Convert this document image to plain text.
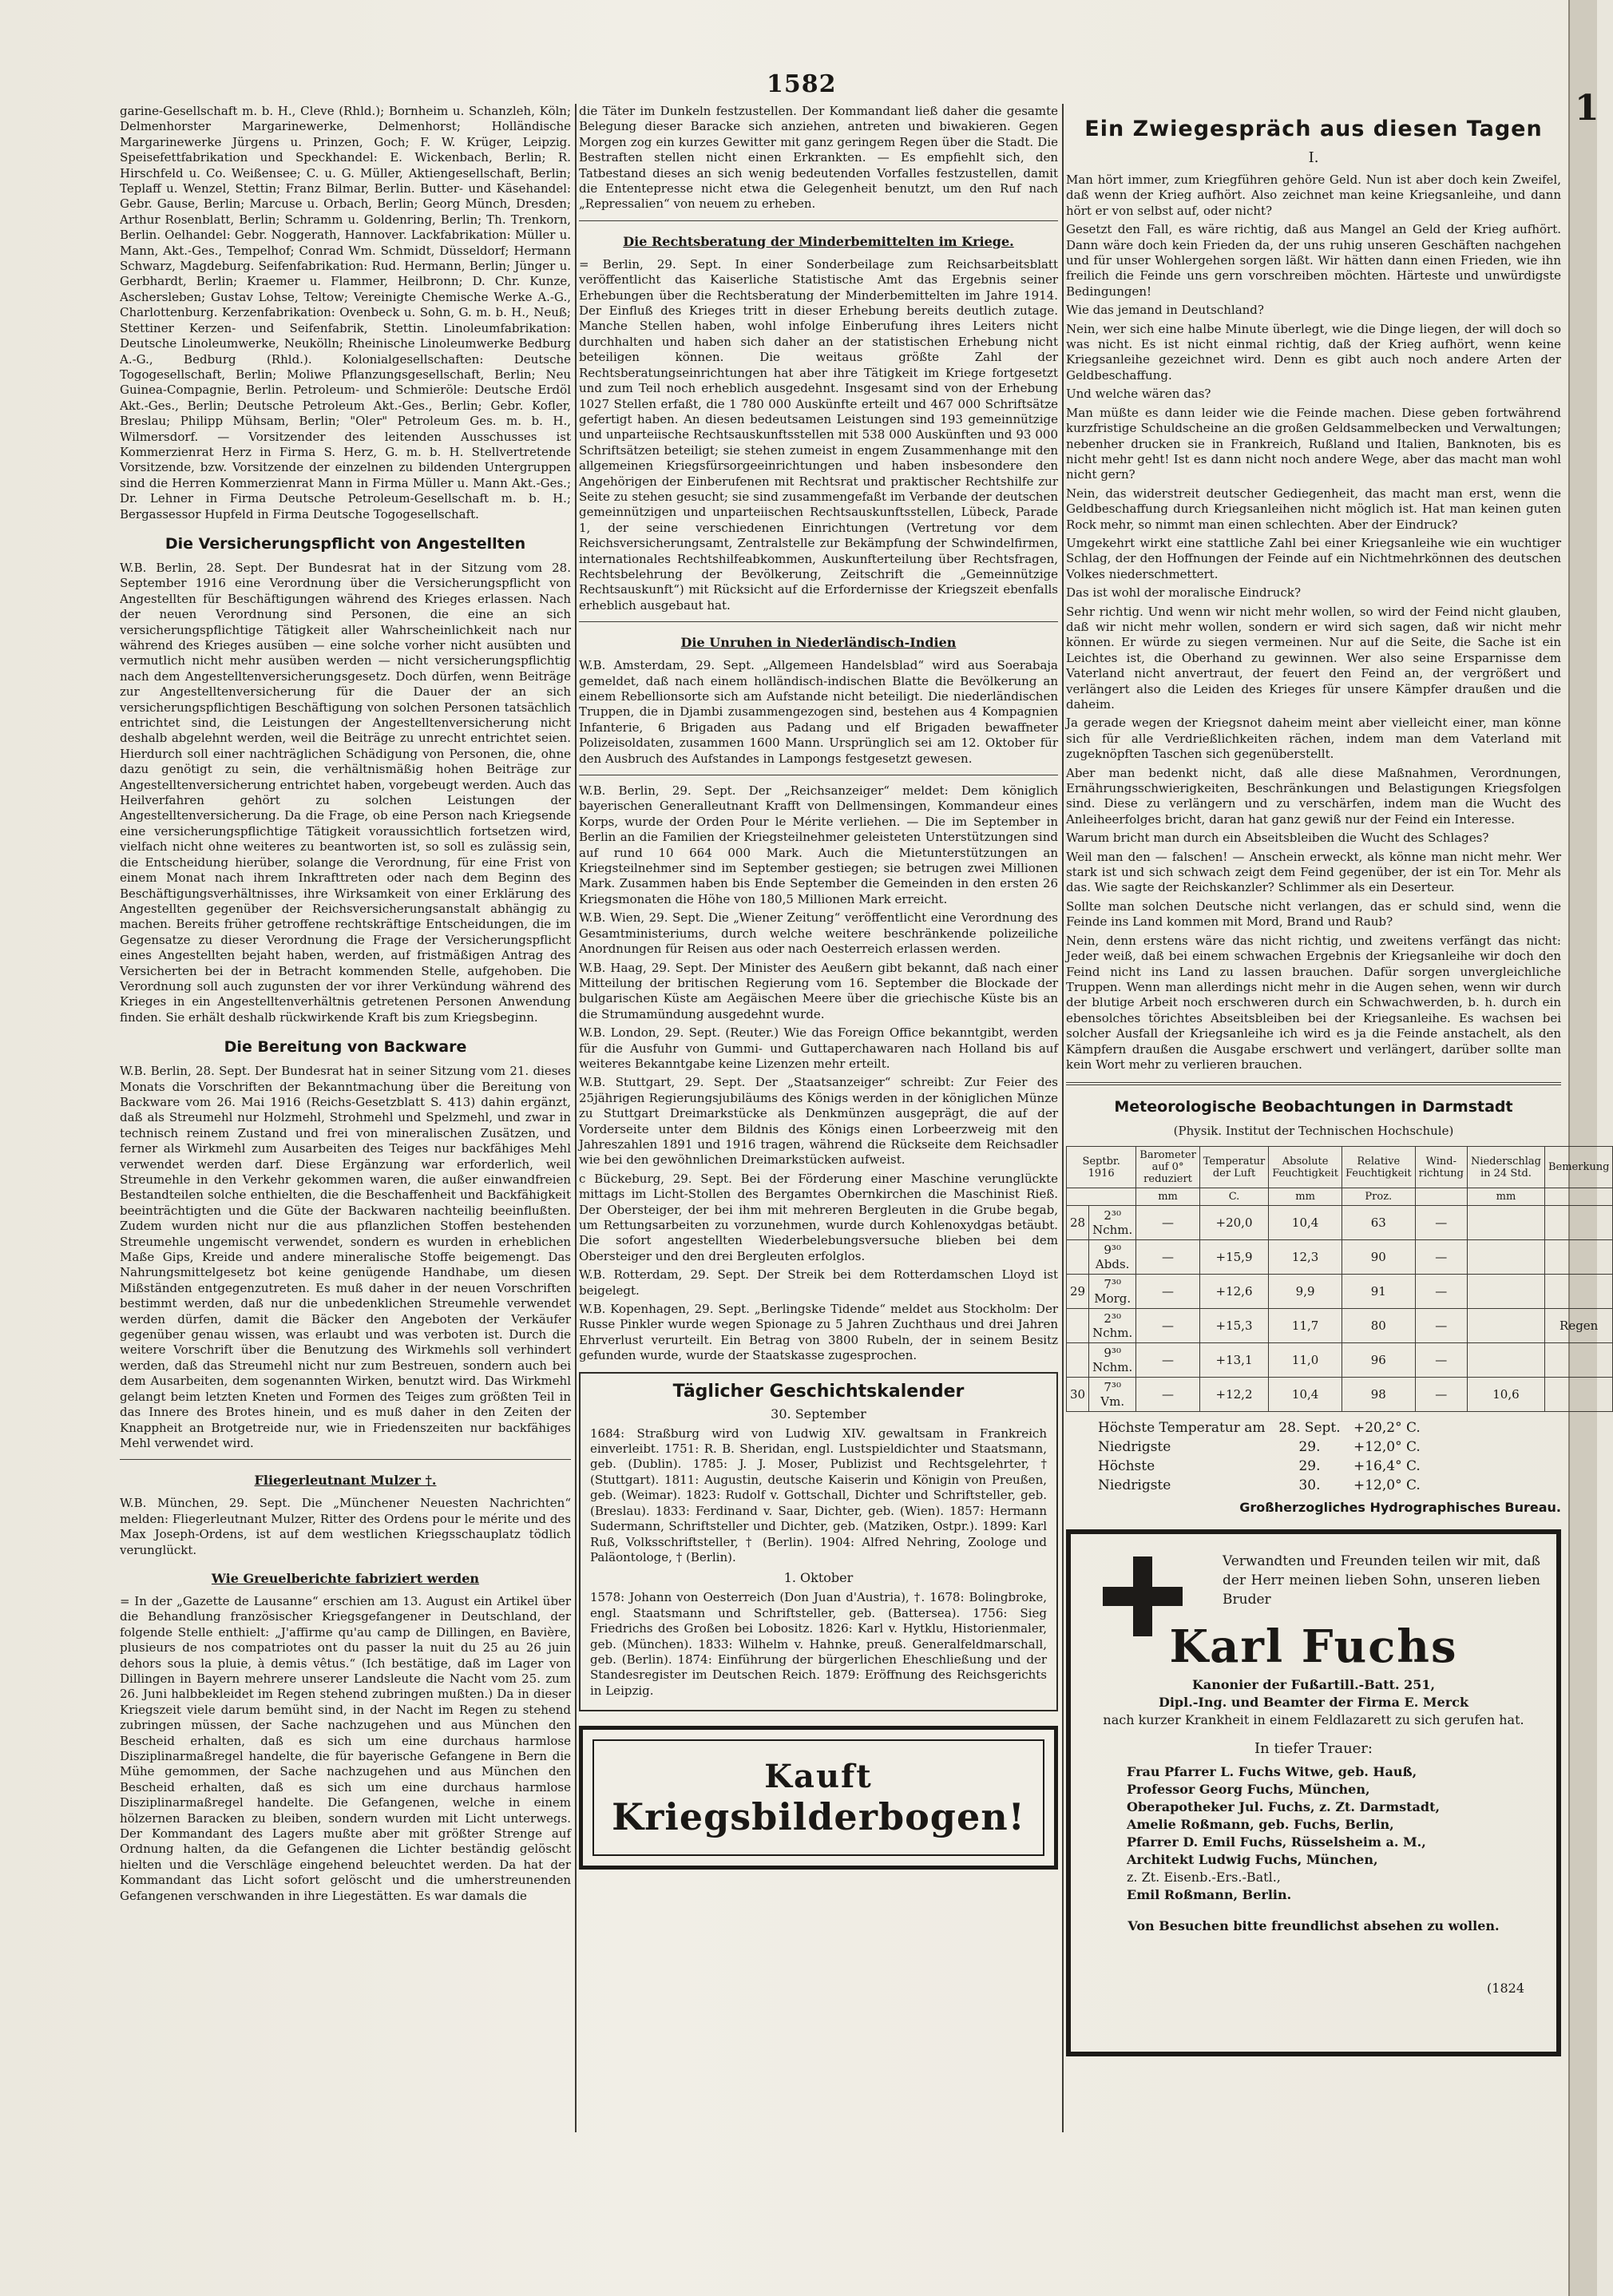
1582
1

garine-Gesellschaft m. b. H., Cleve (Rhld.); Bornheim u. Schanzleh, Köln; Delmenhorster Margarinewerke, Delmenhorst; Holländische Margarinewerke Jürgens u. Prinzen, Goch; F. W. Krüger, Leipzig. Speisefettfabrikation und Speckhandel: E. Wickenbach, Berlin; R. Hirschfeld u. Co. Weißensee; C. u. G. Müller, Aktiengesellschaft, Berlin; Teplaff u. Wenzel, Stettin; Franz Bilmar, Berlin. Butter- und Käsehandel: Gebr. Gause, Berlin; Marcuse u. Orbach, Berlin; Georg Münch, Dresden; Arthur Rosenblatt, Berlin; Schramm u. Goldenring, Berlin; Th. Trenkorn, Berlin. Oelhandel: Gebr. Noggerath, Hannover. Lackfabrikation: Müller u. Mann, Akt.-Ges., Tempelhof; Conrad Wm. Schmidt, Düsseldorf; Hermann Schwarz, Magdeburg. Seifenfabrikation: Rud. Hermann, Berlin; Jünger u. Gerbhardt, Berlin; Kraemer u. Flammer, Heilbronn; D. Chr. Kunze, Aschersleben; Gustav Lohse, Teltow; Vereinigte Chemische Werke A.-G., Charlottenburg. Kerzenfabrikation: Ovenbeck u. Sohn, G. m. b. H., Neuß; Stettiner Kerzen- und Seifenfabrik, Stettin. Linoleumfabrikation: Deutsche Linoleumwerke, Neukölln; Rheinische Linoleumwerke Bedburg A.-G., Bedburg (Rhld.). Kolonialgesellschaften: Deutsche Togogesellschaft, Berlin; Moliwe Pflanzungsgesellschaft, Berlin; Neu Guinea-Compagnie, Berlin. Petroleum- und Schmieröle: Deutsche Erdöl Akt.-Ges., Berlin; Deutsche Petroleum Akt.-Ges., Berlin; Gebr. Kofler, Breslau; Philipp Mühsam, Berlin; "Oler" Petroleum Ges. m. b. H., Wilmersdorf. — Vorsitzender des leitenden Ausschusses ist Kommerzienrat Herz in Firma S. Herz, G. m. b. H. Stellvertretende Vorsitzende, bzw. Vorsitzende der einzelnen zu bildenden Untergruppen sind die Herren Kommerzienrat Mann in Firma Müller u. Mann Akt.-Ges.; Dr. Lehner in Firma Deutsche Petroleum-Gesellschaft m. b. H.; Bergassessor Hupfeld in Firma Deutsche Togogesellschaft.

Die Versicherungspflicht von Angestellten

W.B. Berlin, 28. Sept. Der Bundesrat hat in der Sitzung vom 28. September 1916 eine Verordnung über die Versicherungspflicht von Angestellten für Beschäftigungen während des Krieges erlassen. Nach der neuen Verordnung sind Personen, die eine an sich versicherungspflichtige Tätigkeit aller Wahrscheinlichkeit nach nur während des Krieges ausüben — eine solche vorher nicht ausübten und vermutlich nicht mehr ausüben werden — nicht versicherungspflichtig nach dem Angestelltenversicherungsgesetz. Doch dürfen, wenn Beiträge zur Angestelltenversicherung für die Dauer der an sich versicherungspflichtigen Beschäftigung von solchen Personen tatsächlich entrichtet sind, die Leistungen der Angestelltenversicherung nicht deshalb abgelehnt werden, weil die Beiträge zu unrecht entrichtet seien. Hierdurch soll einer nachträglichen Schädigung von Personen, die, ohne dazu genötigt zu sein, die verhältnismäßig hohen Beiträge zur Angestelltenversicherung entrichtet haben, vorgebeugt werden. Auch das Heilverfahren gehört zu solchen Leistungen der Angestelltenversicherung. Da die Frage, ob eine Person nach Kriegsende eine versicherungspflichtige Tätigkeit voraussichtlich fortsetzen wird, vielfach nicht ohne weiteres zu beantworten ist, so soll es zulässig sein, die Entscheidung hierüber, solange die Verordnung, für eine Frist von einem Monat nach ihrem Inkrafttreten oder nach dem Beginn des Beschäftigungsverhältnisses, ihre Wirksamkeit von einer Erklärung des Angestellten gegenüber der Reichsversicherungsanstalt abhängig zu machen. Bereits früher getroffene rechtskräftige Entscheidungen, die im Gegensatze zu dieser Verordnung die Frage der Versicherungspflicht eines Angestellten bejaht haben, werden, auf fristmäßigen Antrag des Versicherten bei der in Betracht kommenden Stelle, aufgehoben. Die Verordnung soll auch zugunsten der vor ihrer Verkündung während des Krieges in ein Angestelltenverhältnis getretenen Personen Anwendung finden. Sie erhält deshalb rückwirkende Kraft bis zum Kriegsbeginn.

Die Bereitung von Backware

W.B. Berlin, 28. Sept. Der Bundesrat hat in seiner Sitzung vom 21. dieses Monats die Vorschriften der Bekanntmachung über die Bereitung von Backware vom 26. Mai 1916 (Reichs-Gesetzblatt S. 413) dahin ergänzt, daß als Streumehl nur Holzmehl, Strohmehl und Spelzmehl, und zwar in technisch reinem Zustand und frei von mineralischen Zusätzen, und ferner als Wirkmehl zum Ausarbeiten des Teiges nur backfähiges Mehl verwendet werden darf. Diese Ergänzung war erforderlich, weil Streumehle in den Verkehr gekommen waren, die außer einwandfreien Bestandteilen solche enthielten, die die Beschaffenheit und Backfähigkeit beeinträchtigten und die Güte der Backwaren nachteilig beeinflußten. Zudem wurden nicht nur die aus pflanzlichen Stoffen bestehenden Streumehle ungemischt verwendet, sondern es wurden in erheblichen Maße Gips, Kreide und andere mineralische Stoffe beigemengt. Das Nahrungsmittelgesetz bot keine genügende Handhabe, um diesen Mißständen entgegenzutreten. Es muß daher in der neuen Vorschriften bestimmt werden, daß nur die unbedenklichen Streumehle verwendet werden dürfen, damit die Bäcker den Angeboten der Verkäufer gegenüber genau wissen, was erlaubt und was verboten ist. Durch die weitere Vorschrift über die Benutzung des Wirkmehls soll verhindert werden, daß das Streumehl nicht nur zum Bestreuen, sondern auch bei dem Ausarbeiten, dem sogenannten Wirken, benutzt wird. Das Wirkmehl gelangt beim letzten Kneten und Formen des Teiges zum größten Teil in das Innere des Brotes hinein, und es muß daher in den Zeiten der Knappheit an Brotgetreide nur, wie in Friedenszeiten nur backfähiges Mehl verwendet wird.

Fliegerleutnant Mulzer †.

W.B. München, 29. Sept. Die „Münchener Neuesten Nachrichten“ melden: Fliegerleutnant Mulzer, Ritter des Ordens pour le mérite und des Max Joseph-Ordens, ist auf dem westlichen Kriegsschauplatz tödlich verunglückt.

Wie Greuelberichte fabriziert werden

= In der „Gazette de Lausanne“ erschien am 13. August ein Artikel über die Behandlung französischer Kriegsgefangener in Deutschland, der folgende Stelle enthielt: „J'affirme qu'au camp de Dillingen, en Bavière, plusieurs de nos compatriotes ont du passer la nuit du 25 au 26 juin dehors sous la pluie, à demis vêtus.“ (Ich bestätige, daß im Lager von Dillingen in Bayern mehrere unserer Landsleute die Nacht vom 25. zum 26. Juni halbbekleidet im Regen stehend zubringen mußten.) Da in dieser Kriegszeit viele darum bemüht sind, in der Nacht im Regen zu stehend zubringen müssen, der Sache nachzugehen und aus München den Bescheid erhalten, daß es sich um eine durchaus harmlose Disziplinarmaßregel handelte, die für bayerische Gefangene in Bern die Mühe gemommen, der Sache nachzugehen und aus München den Bescheid erhalten, daß es sich um eine durchaus harmlose Disziplinarmaßregel handelte. Die Gefangenen, welche in einem hölzernen Baracken zu bleiben, sondern wurden mit Licht unterwegs. Der Kommandant des Lagers mußte aber mit größter Strenge auf Ordnung halten, da die Gefangenen die Lichter beständig gelöscht hielten und die Verschläge eingehend beleuchtet werden. Da hat der Kommandant das Licht sofort gelöscht und die umherstreunenden Gefangenen verschwanden in ihre Liegestätten. Es war damals die

die Täter im Dunkeln festzustellen. Der Kommandant ließ daher die gesamte Belegung dieser Baracke sich anziehen, antreten und biwakieren. Gegen Morgen zog ein kurzes Gewitter mit ganz geringem Regen über die Stadt. Die Bestraften stellen nicht einen Erkrankten. — Es empfiehlt sich, den Tatbestand dieses an sich wenig bedeutenden Vorfalles festzustellen, damit die Ententepresse nicht etwa die Gelegenheit benutzt, um den Ruf nach „Repressalien“ von neuem zu erheben.

Die Rechtsberatung der Minderbemittelten im Kriege.

= Berlin, 29. Sept. In einer Sonderbeilage zum Reichsarbeitsblatt veröffentlicht das Kaiserliche Statistische Amt das Ergebnis seiner Erhebungen über die Rechtsberatung der Minderbemittelten im Jahre 1914. Der Einfluß des Krieges tritt in dieser Erhebung bereits deutlich zutage. Manche Stellen haben, wohl infolge Einberufung ihres Leiters nicht durchhalten und haben sich daher an der statistischen Erhebung nicht beteiligen können. Die weitaus größte Zahl der Rechtsberatungseinrichtungen hat aber ihre Tätigkeit im Kriege fortgesetzt und zum Teil noch erheblich ausgedehnt. Insgesamt sind von der Erhebung 1027 Stellen erfaßt, die 1 780 000 Auskünfte erteilt und 467 000 Schriftsätze gefertigt haben. An diesen bedeutsamen Leistungen sind 193 gemeinnützige und unparteiische Rechtsauskunftsstellen mit 538 000 Auskünften und 93 000 Schriftsätzen beteiligt; sie stehen zumeist in engem Zusammenhange mit den allgemeinen Kriegsfürsorgeeinrichtungen und haben insbesondere den Angehörigen der Einberufenen mit Rechtsrat und praktischer Rechtshilfe zur Seite zu stehen gesucht; sie sind zusammengefaßt im Verbande der deutschen gemeinnützigen und unparteiischen Rechtsauskunftsstellen, Lübeck, Parade 1, der seine verschiedenen Einrichtungen (Vertretung vor dem Reichsversicherungsamt, Zentralstelle zur Bekämpfung der Schwindelfirmen, internationales Rechtshilfeabkommen, Auskunfterteilung über Rechtsfragen, Rechtsbelehrung der Bevölkerung, Zeitschrift die „Gemeinnützige Rechtsauskunft“) mit Rücksicht auf die Erfordernisse der Kriegszeit ebenfalls erheblich ausgebaut hat.

Die Unruhen in Niederländisch-Indien

W.B. Amsterdam, 29. Sept. „Allgemeen Handelsblad“ wird aus Soerabaja gemeldet, daß nach einem holländisch-indischen Blatte die Bevölkerung an einem Rebellionsorte sich am Aufstande nicht beteiligt. Die niederländischen Truppen, die in Djambi zusammengezogen sind, bestehen aus 4 Kompagnien Infanterie, 6 Brigaden aus Padang und elf Brigaden bewaffneter Polizeisoldaten, zusammen 1600 Mann. Ursprünglich sei am 12. Oktober für den Ausbruch des Aufstandes in Lampongs festgesetzt gewesen.

W.B. Berlin, 29. Sept. Der „Reichsanzeiger“ meldet: Dem königlich bayerischen Generalleutnant Krafft von Dellmensingen, Kommandeur eines Korps, wurde der Orden Pour le Mérite verliehen. — Die im September in Berlin an die Familien der Kriegsteilnehmer geleisteten Unterstützungen sind auf rund 10 664 000 Mark. Auch die Mietunterstützungen an Kriegsteilnehmer sind im September gestiegen; sie betrugen zwei Millionen Mark. Zusammen haben bis Ende September die Gemeinden in den ersten 26 Kriegsmonaten die Höhe von 180,5 Millionen Mark erreicht.

W.B. Wien, 29. Sept. Die „Wiener Zeitung“ veröffentlicht eine Verordnung des Gesamtministeriums, durch welche weitere beschränkende polizeiliche Anordnungen für Reisen aus oder nach Oesterreich erlassen werden.

W.B. Haag, 29. Sept. Der Minister des Aeußern gibt bekannt, daß nach einer Mitteilung der britischen Regierung vom 16. September die Blockade der bulgarischen Küste am Aegäischen Meere über die griechische Küste bis an die Strumamündung ausgedehnt wurde.

W.B. London, 29. Sept. (Reuter.) Wie das Foreign Office bekanntgibt, werden für die Ausfuhr von Gummi- und Guttaperchawaren nach Holland bis auf weiteres Bekanntgabe keine Lizenzen mehr erteilt.

W.B. Stuttgart, 29. Sept. Der „Staatsanzeiger“ schreibt: Zur Feier des 25jährigen Regierungsjubiläums des Königs werden in der königlichen Münze zu Stuttgart Dreimarkstücke als Denkmünzen ausgeprägt, die auf der Vorderseite unter dem Bildnis des Königs einen Lorbeerzweig mit den Jahreszahlen 1891 und 1916 tragen, während die Rückseite dem Reichsadler wie bei den gewöhnlichen Dreimarkstücken aufweist.

c Bückeburg, 29. Sept. Bei der Förderung einer Maschine verunglückte mittags im Licht-Stollen des Bergamtes Obernkirchen die Maschinist Rieß. Der Obersteiger, der bei ihm mit mehreren Bergleuten in die Grube begab, um Rettungsarbeiten zu vorzunehmen, wurde durch Kohlenoxydgas betäubt. Die sofort angestellten Wiederbelebungsversuche blieben bei dem Obersteiger und den drei Bergleuten erfolglos.

W.B. Rotterdam, 29. Sept. Der Streik bei dem Rotterdamschen Lloyd ist beigelegt.

W.B. Kopenhagen, 29. Sept. „Berlingske Tidende“ meldet aus Stockholm: Der Russe Pinkler wurde wegen Spionage zu 5 Jahren Zuchthaus und drei Jahren Ehrverlust verurteilt. Ein Betrag von 3800 Rubeln, der in seinem Besitz gefunden wurde, wurde der Staatskasse zugesprochen.

Täglicher Geschichtskalender
30. September

1684: Straßburg wird von Ludwig XIV. gewaltsam in Frankreich einverleibt. 1751: R. B. Sheridan, engl. Lustspieldichter und Staatsmann, geb. (Dublin). 1785: J. J. Moser, Publizist und Rechtsgelehrter, † (Stuttgart). 1811: Augustin, deutsche Kaiserin und Königin von Preußen, geb. (Weimar). 1823: Rudolf v. Gottschall, Dichter und Schriftsteller, geb. (Breslau). 1833: Ferdinand v. Saar, Dichter, geb. (Wien). 1857: Hermann Sudermann, Schriftsteller und Dichter, geb. (Matziken, Ostpr.). 1899: Karl Ruß, Volksschriftsteller, † (Berlin). 1904: Alfred Nehring, Zoologe und Paläontologe, † (Berlin).

1. Oktober

1578: Johann von Oesterreich (Don Juan d'Austria), †. 1678: Bolingbroke, engl. Staatsmann und Schriftsteller, geb. (Battersea). 1756: Sieg Friedrichs des Großen bei Lobositz. 1826: Karl v. Hytklu, Historienmaler, geb. (München). 1833: Wilhelm v. Hahnke, preuß. Generalfeldmarschall, geb. (Berlin). 1874: Einführung der bürgerlichen Eheschließung und der Standesregister im Deutschen Reich. 1879: Eröffnung des Reichsgerichts in Leipzig.

Kauft
Kriegsbilderbogen!
Ein Zwiegespräch aus diesen Tagen
I.

Man hört immer, zum Kriegführen gehöre Geld. Nun ist aber doch kein Zweifel, daß wenn der Krieg aufhört. Also zeichnet man keine Kriegsanleihe, und dann hört er von selbst auf, oder nicht?

Gesetzt den Fall, es wäre richtig, daß aus Mangel an Geld der Krieg aufhört. Dann wäre doch kein Frieden da, der uns ruhig unseren Geschäften nachgehen und für unser Wohlergehen sorgen läßt. Wir hätten dann einen Frieden, wie ihn freilich die Feinde uns gern vorschreiben möchten. Härteste und unwürdigste Bedingungen!

Wie das jemand in Deutschland?

Nein, wer sich eine halbe Minute überlegt, wie die Dinge liegen, der will doch so was nicht. Es ist nicht einmal richtig, daß der Krieg aufhört, wenn keine Kriegsanleihe gezeichnet wird. Denn es gibt auch noch andere Arten der Geldbeschaffung.

Und welche wären das?

Man müßte es dann leider wie die Feinde machen. Diese geben fortwährend kurzfristige Schuldscheine an die großen Geldsammelbecken und Verwaltungen; nebenher drucken sie in Frankreich, Rußland und Italien, Banknoten, bis es nicht mehr geht! Ist es dann nicht noch andere Wege, aber das macht man wohl nicht gern?

Nein, das widerstreit deutscher Gediegenheit, das macht man erst, wenn die Geldbeschaffung durch Kriegsanleihen nicht möglich ist. Hat man keinen guten Rock mehr, so nimmt man einen schlechten. Aber der Eindruck?

Umgekehrt wirkt eine stattliche Zahl bei einer Kriegsanleihe wie ein wuchtiger Schlag, der den Hoffnungen der Feinde auf ein Nichtmehrkönnen des deutschen Volkes niederschmettert.

Das ist wohl der moralische Eindruck?

Sehr richtig. Und wenn wir nicht mehr wollen, so wird der Feind nicht glauben, daß wir nicht mehr wollen, sondern er wird sich sagen, daß wir nicht mehr können. Er würde zu siegen vermeinen. Nur auf die Seite, die Sache ist ein Leichtes ist, die Oberhand zu gewinnen. Wer also seine Ersparnisse dem Vaterland nicht anvertraut, der feuert den Feind an, der vergrößert und verlängert also die Leiden des Krieges für unsere Kämpfer draußen und die daheim.

Ja gerade wegen der Kriegsnot daheim meint aber vielleicht einer, man könne sich für alle Verdrießlichkeiten rächen, indem man dem Vaterland mit zugeknöpften Taschen sich gegenüberstellt.

Aber man bedenkt nicht, daß alle diese Maßnahmen, Verordnungen, Ernährungsschwierigkeiten, Beschränkungen und Belastigungen Kriegsfolgen sind. Diese zu verlängern und zu verschärfen, indem man die Wucht des Anleiheerfolges bricht, daran hat ganz gewiß nur der Feind ein Interesse.

Warum bricht man durch ein Abseitsbleiben die Wucht des Schlages?

Weil man den — falschen! — Anschein erweckt, als könne man nicht mehr. Wer stark ist und sich schwach zeigt dem Feind gegenüber, der ist ein Tor. Mehr als das. Wie sagte der Reichskanzler? Schlimmer als ein Deserteur.

Sollte man solchen Deutsche nicht verlangen, das er schuld sind, wenn die Feinde ins Land kommen mit Mord, Brand und Raub?

Nein, denn erstens wäre das nicht richtig, und zweitens verfängt das nicht: Jeder weiß, daß bei einem schwachen Ergebnis der Kriegsanleihe wir doch den Feind nicht ins Land zu lassen brauchen. Dafür sorgen unvergleichliche Truppen. Wenn man allerdings nicht mehr in die Augen sehen, wenn wir durch der blutige Arbeit noch erschweren durch ein Schwachwerden, b. h. durch ein ebensolches törichtes Abseitsbleiben bei der Kriegsanleihe. Es wachsen bei solcher Ausfall der Kriegsanleihe ich wird es ja die Feinde anstachelt, als den Kämpfern draußen die Ausgabe erschwert und verlängert, darüber sollte man kein Wort mehr zu verlieren brauchen.

Meteorologische Beobachtungen in Darmstadt
(Physik. Institut der Technischen Hochschule)
Septbr.
1916		Barometer auf 0° reduziert	Temperatur der Luft	Absolute Feuchtigkeit	Relative Feuchtigkeit	Wind-richtung	Niederschlag in 24 Std.	Bemerkung
		mm	C.	mm	Proz.		mm	
28	2³⁰ Nchm.	—	+20,0	10,4	63	—		
	9³⁰ Abds.	—	+15,9	12,3	90	—		
29	7³⁰ Morg.	—	+12,6	9,9	91	—		
	2³⁰ Nchm.	—	+15,3	11,7	80	—		Regen
	9³⁰ Nchm.	—	+13,1	11,0	96	—		
30	7³⁰ Vm.	—	+12,2	10,4	98	—	10,6	
Höchste Temperatur am 28. Sept. +20,2° C.
Niedrigste	29.	+12,0° C.
Höchste	29.	+16,4° C.
Niedrigste	30.	+12,0° C.
Großherzogliches Hydrographisches Bureau.
Verwandten und Freunden teilen wir mit, daß der Herr meinen lieben Sohn, unseren lieben Bruder
Karl Fuchs
Kanonier der Fußartill.-Batt. 251,
Dipl.-Ing. und Beamter der Firma E. Merck
nach kurzer Krankheit in einem Feldlazarett zu sich gerufen hat.
In tiefer Trauer:
Frau Pfarrer L. Fuchs Witwe, geb. Hauß,
Professor Georg Fuchs, München,
Oberapotheker Jul. Fuchs, z. Zt. Darmstadt,
Amelie Roßmann, geb. Fuchs, Berlin,
Pfarrer D. Emil Fuchs, Rüsselsheim a. M.,
Architekt Ludwig Fuchs, München,
z. Zt. Eisenb.-Ers.-Batl.,
Emil Roßmann, Berlin.
(1824
Von Besuchen bitte freundlichst absehen zu wollen.
